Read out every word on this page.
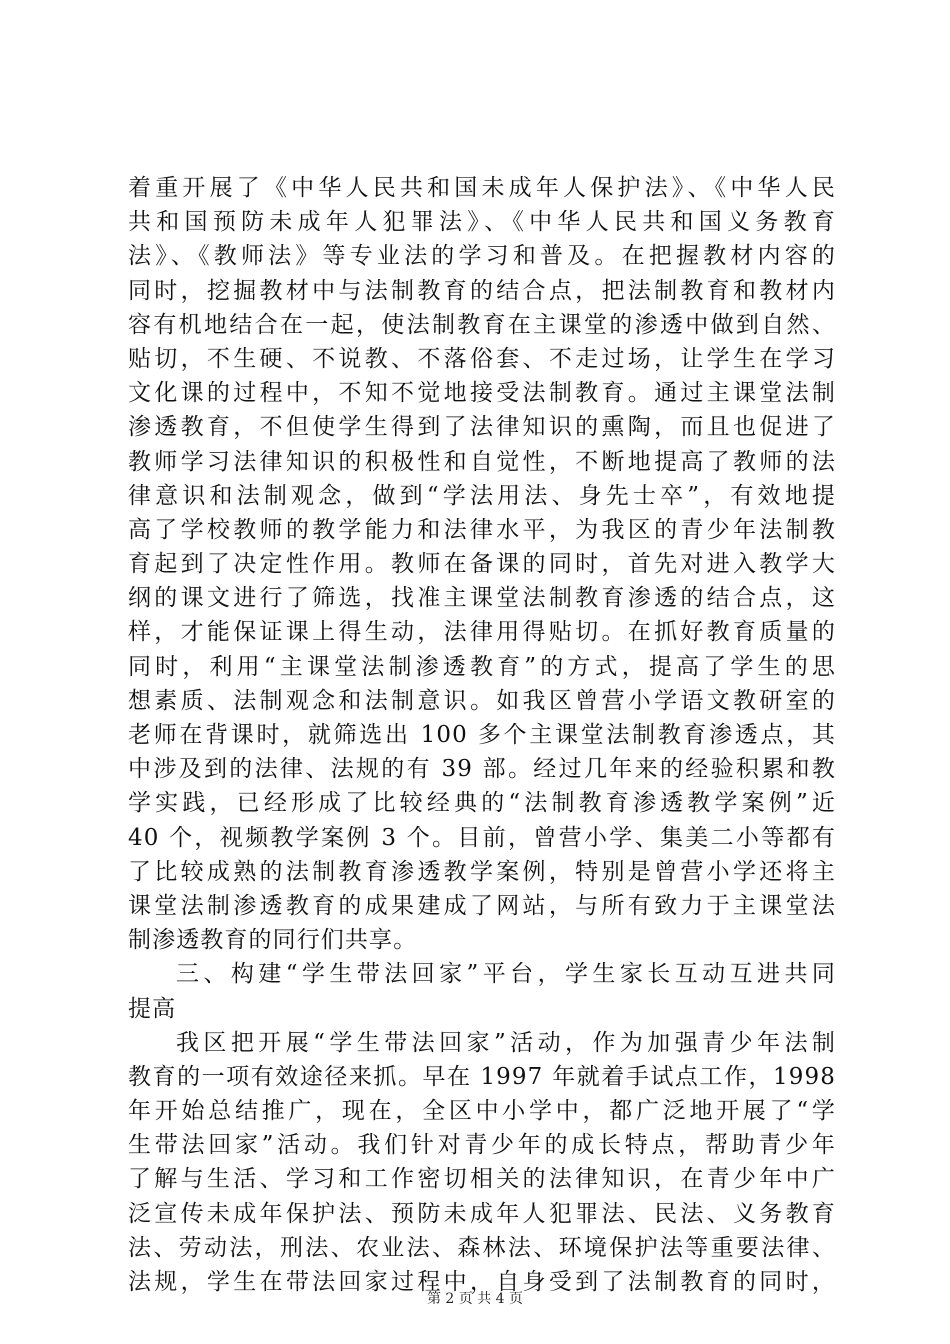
着重开展了《中华人民共和国未成年人保护法》、《中华人民
共和国预防未成年人犯罪法》、《中华人民共和国义务教育
法》、《教师法》等专业法的学习和普及。在把握教材内容的
同时，挖掘教材中与法制教育的结合点，把法制教育和教材内
容有机地结合在一起，使法制教育在主课堂的渗透中做到自然、
贴切，不生硬、不说教、不落俗套、不走过场，让学生在学习
文化课的过程中，不知不觉地接受法制教育。通过主课堂法制
渗透教育，不但使学生得到了法律知识的熏陶，而且也促进了
教师学习法律知识的积极性和自觉性，不断地提高了教师的法
律意识和法制观念，做到“学法用法、身先士卒”，有效地提
高了学校教师的教学能力和法律水平，为我区的青少年法制教
育起到了决定性作用。教师在备课的同时，首先对进入教学大
纲的课文进行了筛选，找准主课堂法制教育渗透的结合点，这
样，才能保证课上得生动，法律用得贴切。在抓好教育质量的
同时，利用“主课堂法制渗透教育”的方式，提高了学生的思
想素质、法制观念和法制意识。如我区曾营小学语文教研室的
老师在背课时，就筛选出 100 多个主课堂法制教育渗透点，其
中涉及到的法律、法规的有 39 部。经过几年来的经验积累和教
学实践，已经形成了比较经典的“法制教育渗透教学案例”近
40 个，视频教学案例 3 个。目前，曾营小学、集美二小等都有
了比较成熟的法制教育渗透教学案例，特别是曾营小学还将主
课堂法制渗透教育的成果建成了网站，与所有致力于主课堂法
制渗透教育的同行们共享。
三、构建“学生带法回家”平台，学生家长互动互进共同
提高
我区把开展“学生带法回家”活动，作为加强青少年法制
教育的一项有效途径来抓。早在 1997 年就着手试点工作，1998
年开始总结推广，现在，全区中小学中，都广泛地开展了“学
生带法回家”活动。我们针对青少年的成长特点，帮助青少年
了解与生活、学习和工作密切相关的法律知识，在青少年中广
泛宣传未成年保护法、预防未成年人犯罪法、民法、义务教育
法、劳动法，刑法、农业法、森林法、环境保护法等重要法律、
法规，学生在带法回家过程中，自身受到了法制教育的同时，
第 2 页 共 4 页
